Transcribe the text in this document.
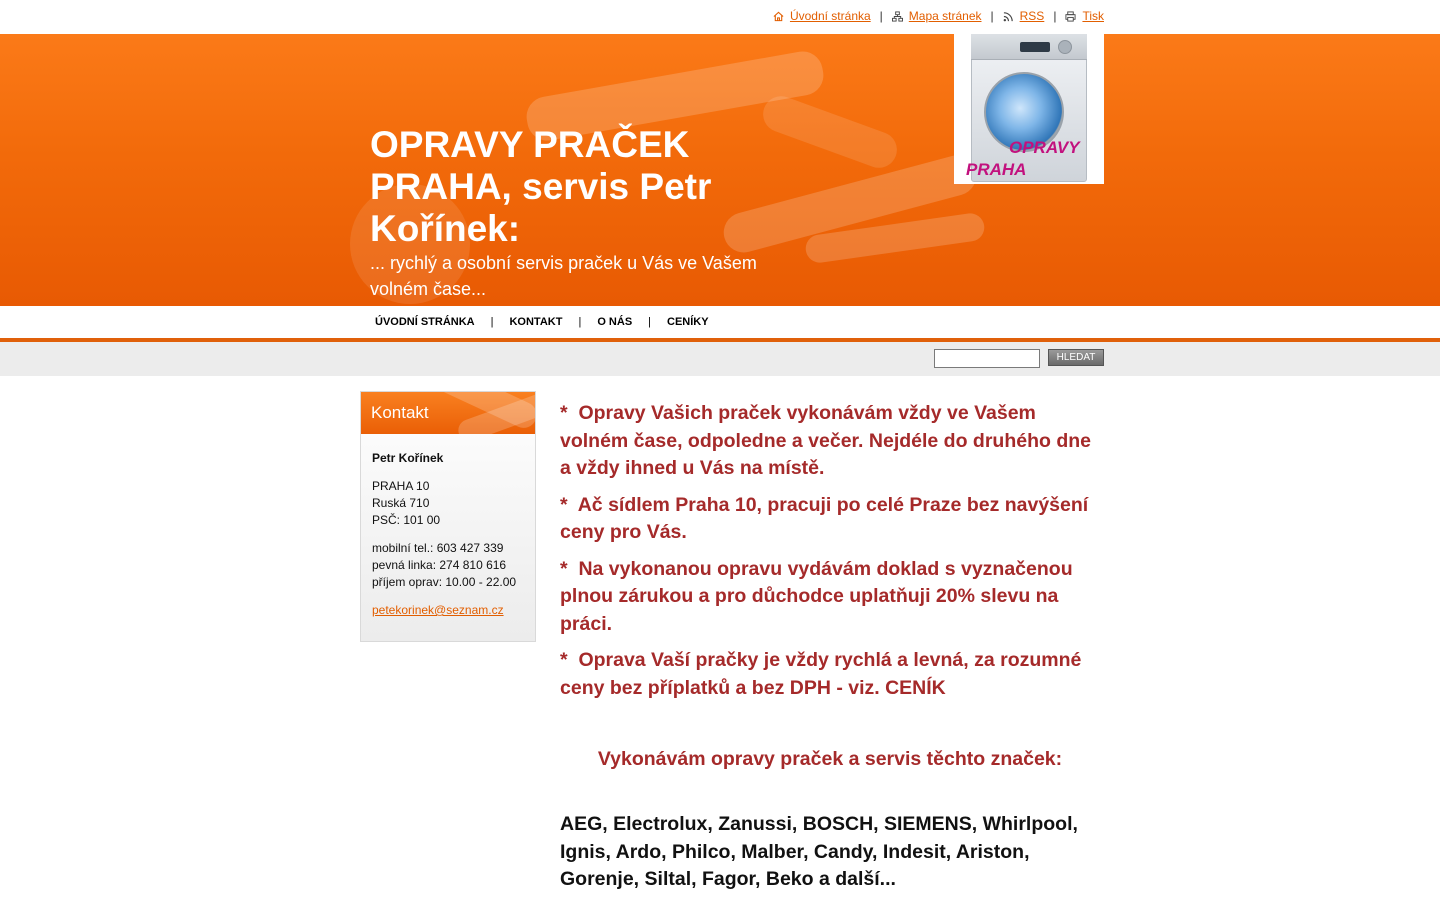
Úvodní stránka | Mapa stránek | RSS | Tisk
OPRAVY PRAČEK PRAHA, servis Petr Kořínek:
... rychlý a osobní servis praček u Vás ve Vašem volném čase...
OPRAVY
PRAHA
ÚVODNÍ STRÁNKA | KONTAKT | O NÁS | CENÍKY
HLEDAT
Kontakt

Petr Kořínek

PRAHA 10
Ruská 710
PSČ: 101 00

mobilní tel.: 603 427 339
pevná linka: 274 810 616
příjem oprav: 10.00 - 22.00

petekorinek@seznam.cz

* Opravy Vašich praček vykonávám vždy ve Vašem volném čase, odpoledne a večer. Nejdéle do druhého dne a vždy ihned u Vás na místě.

* Ač sídlem Praha 10, pracuji po celé Praze bez navýšení ceny pro Vás.

* Na vykonanou opravu vydávám doklad s vyznačenou plnou zárukou a pro důchodce uplatňuji 20% slevu na práci.

* Oprava Vaší pračky je vždy rychlá a levná, za rozumné ceny bez příplatků a bez DPH - viz. CENÍK

Vykonávám opravy praček a servis těchto značek:

AEG, Electrolux, Zanussi, BOSCH, SIEMENS, Whirlpool, Ignis, Ardo, Philco, Malber, Candy, Indesit, Ariston, Gorenje, Siltal, Fagor, Beko a další...
